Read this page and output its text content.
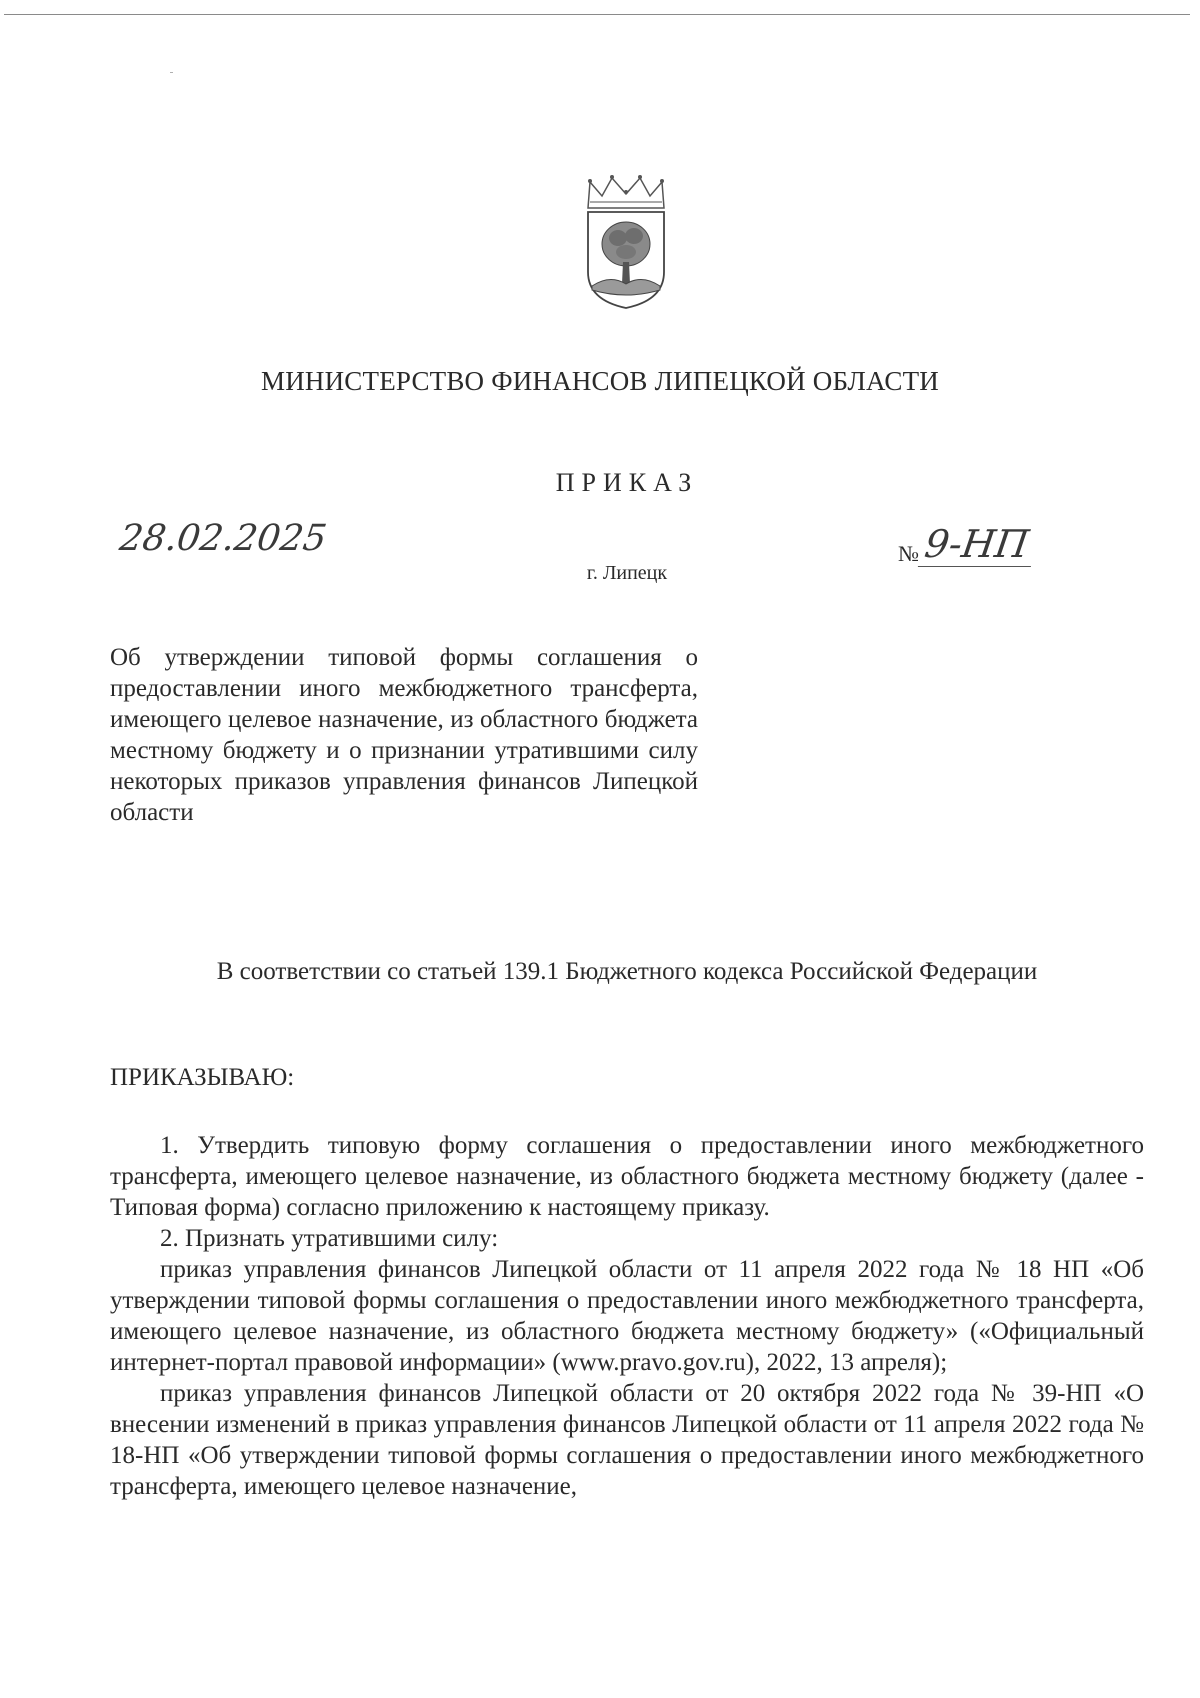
МИНИСТЕРСТВО ФИНАНСОВ ЛИПЕЦКОЙ ОБЛАСТИ
ПРИКАЗ
28.02.2025	№9-НП
г. Липецк
Об утверждении типовой формы соглашения о предоставлении иного межбюджетного трансферта, имеющего целевое назначение, из областного бюджета местному бюджету и о признании утратившими силу некоторых приказов управления финансов Липецкой области
В соответствии со статьей 139.1 Бюджетного кодекса Российской Федерации
ПРИКАЗЫВАЮ:

1. Утвердить типовую форму соглашения о предоставлении иного межбюджетного трансферта, имеющего целевое назначение, из областного бюджета местному бюджету (далее - Типовая форма) согласно приложению к настоящему приказу.

2. Признать утратившими силу:

приказ управления финансов Липецкой области от 11 апреля 2022 года № 18 НП «Об утверждении типовой формы соглашения о предоставлении иного межбюджетного трансферта, имеющего целевое назначение, из областного бюджета местному бюджету» («Официальный интернет-портал правовой информации» (www.pravo.gov.ru), 2022, 13 апреля);

приказ управления финансов Липецкой области от 20 октября 2022 года № 39-НП «О внесении изменений в приказ управления финансов Липецкой области от 11 апреля 2022 года № 18-НП «Об утверждении типовой формы соглашения о предоставлении иного межбюджетного трансферта, имеющего целевое назначение,
